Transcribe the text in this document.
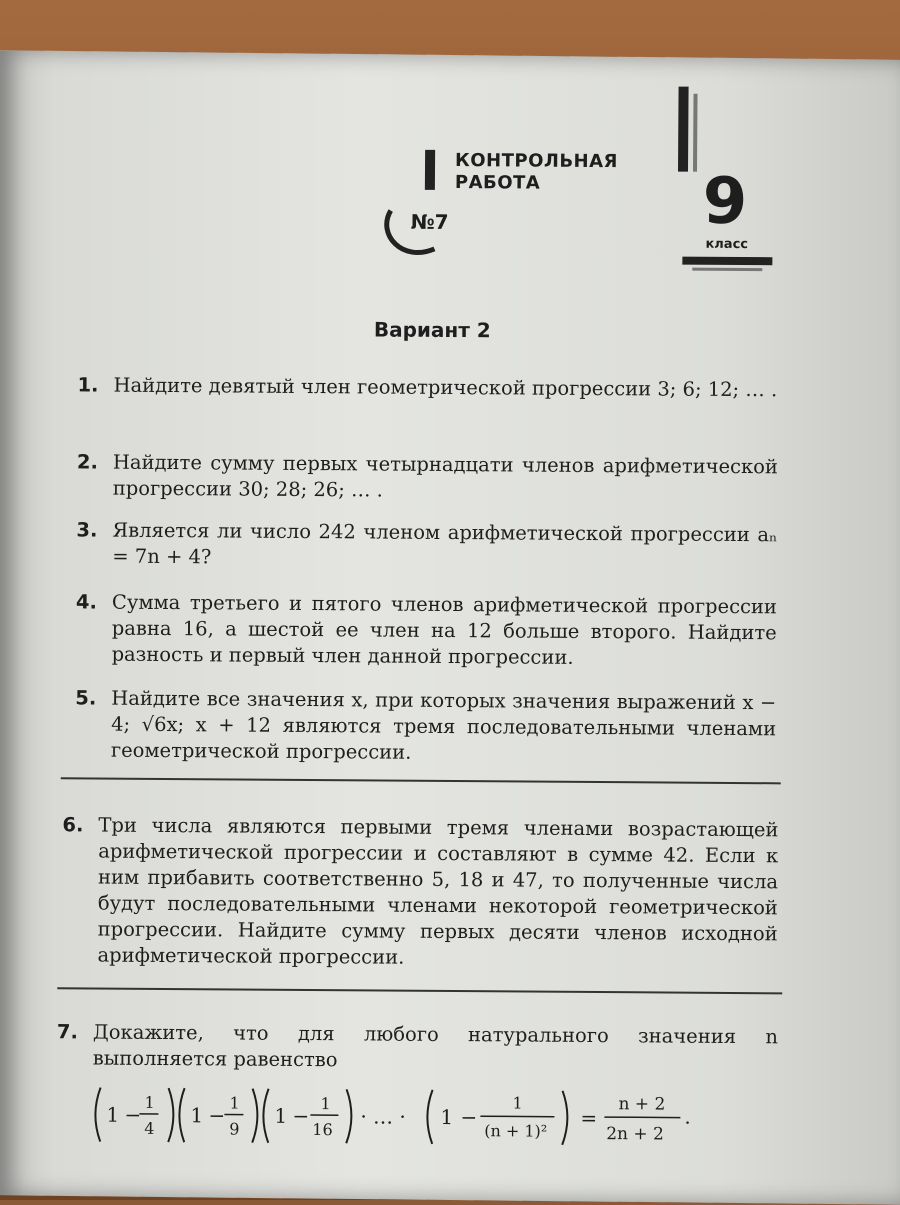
КОНТРОЛЬНАЯ
РАБОТА
№7	9
класс
Вариант 2

1. Найдите девятый член геометрической прогрессии 3; 6; 12; … .

2. Найдите сумму первых четырнадцати членов арифметической прогрессии 30; 28; 26; … .

3. Является ли число 242 членом арифметической прогрессии aₙ = 7n + 4?

4. Сумма третьего и пятого членов арифметической прогрессии равна 16, а шестой ее член на 12 больше второго. Найдите разность и первый член данной прогрессии.

5. Найдите все значения x, при которых значения выражений x − 4; √6x; x + 12 являются тремя последовательными членами геометрической прогрессии.

6. Три числа являются первыми тремя членами возрастающей арифметической прогрессии и составляют в сумме 42. Если к ним прибавить соответственно 5, 18 и 47, то полученные числа будут последовательными членами некоторой геометрической прогрессии. Найдите сумму первых десяти членов исходной арифметической прогрессии.

7. Докажите, что для любого натурального значения n выполняется равенство

1 −
1
4
1 −
1
9
1 −
1
16
· … · 1 −
1
(n + 1)²
=
n + 2
2n + 2
.
